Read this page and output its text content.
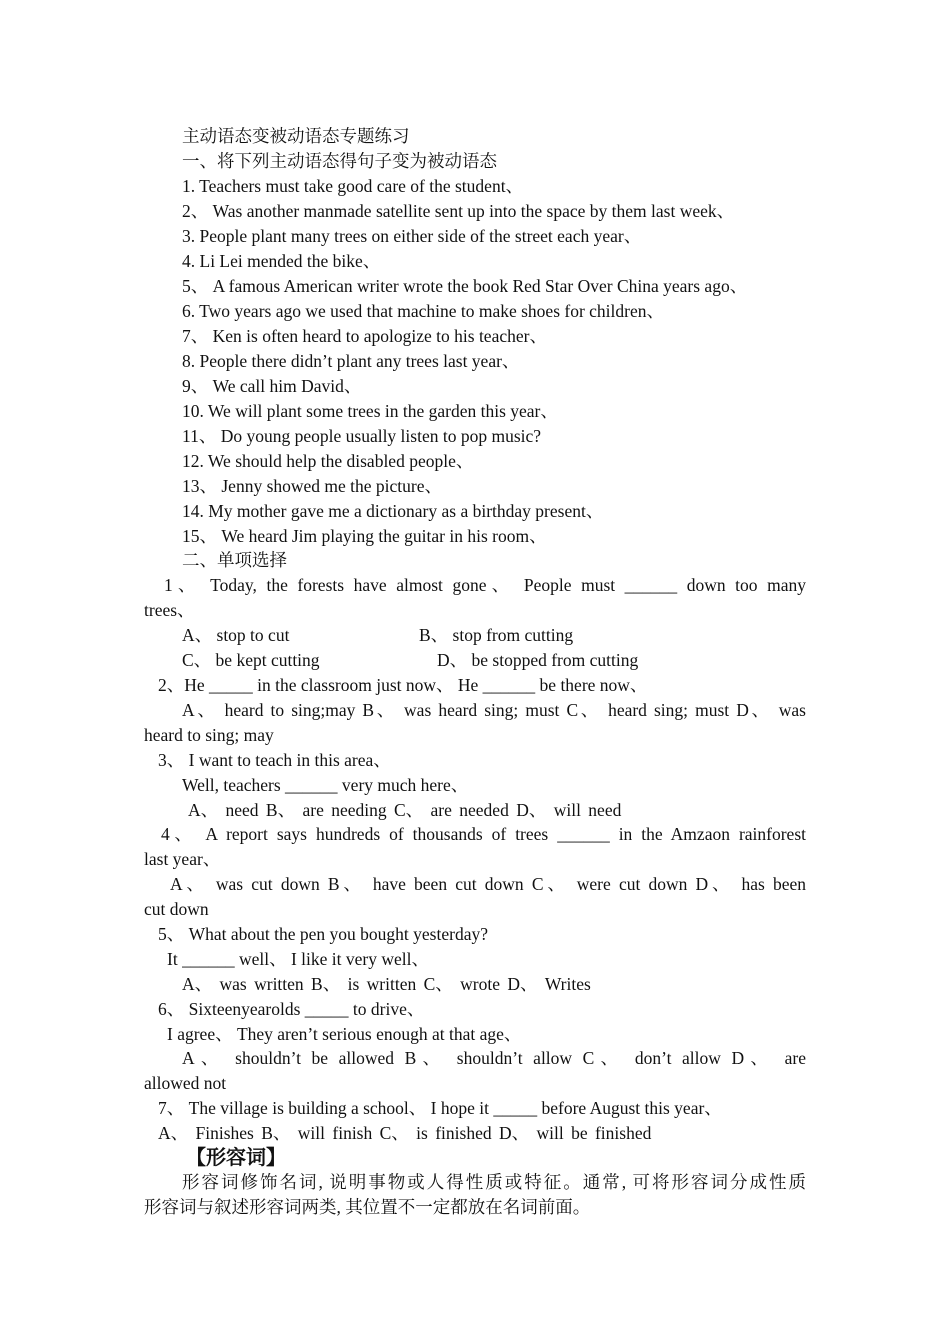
主动语态变被动语态专题练习
一、将下列主动语态得句子变为被动语态
1. Teachers must take good care of the student、
2、 Was another manmade satellite sent up into the space by them last week、
3. People plant many trees on either side of the street each year、
4. Li Lei mended the bike、
5、 A famous American writer wrote the book Red Star Over China years ago、
6. Two years ago we used that machine to make shoes for children、
7、 Ken is often heard to apologize to his teacher、
8. People there didn’t plant any trees last year、
9、 We call him David、
10. We will plant some trees in the garden this year、
11、 Do young people usually listen to pop music?
12. We should help the disabled people、
13、 Jenny showed me the picture、
14. My mother gave me a dictionary as a birthday present、
15、 We heard Jim playing the guitar in his room、
二、单项选择
1、 Today, the forests have almost gone、 People must ______ down too many
trees、
A、 stop to cut	B、 stop from cutting
C、 be kept cutting	D、 be stopped from cutting
2、He _____ in the classroom just now、 He ______ be there now、
A、 heard to sing;may B、 was heard sing; must C、 heard sing; must D、 was
heard to sing; may
3、 I want to teach in this area、
Well, teachers ______ very much here、
A、 need B、 are needing C、 are needed D、 will need
4、 A report says hundreds of thousands of trees ______ in the Amzaon rainforest
last year、
A、 was cut down B、 have been cut down C、 were cut down D、 has been
cut down
5、 What about the pen you bought yesterday?
It ______ well、 I like it very well、
A、 was written B、 is written C、 wrote D、 Writes
6、 Sixteenyearolds _____ to drive、
I agree、 They aren’t serious enough at that age、
A、 shouldn’t be allowed B、 shouldn’t allow C、 don’t allow D、 are
allowed not
7、 The village is building a school、 I hope it _____ before August this year、
A、 Finishes B、 will finish C、 is finished D、 will be finished
【形容词】
形容词修饰名词, 说明事物或人得性质或特征。通常, 可将形容词分成性质
形容词与叙述形容词两类, 其位置不一定都放在名词前面。
